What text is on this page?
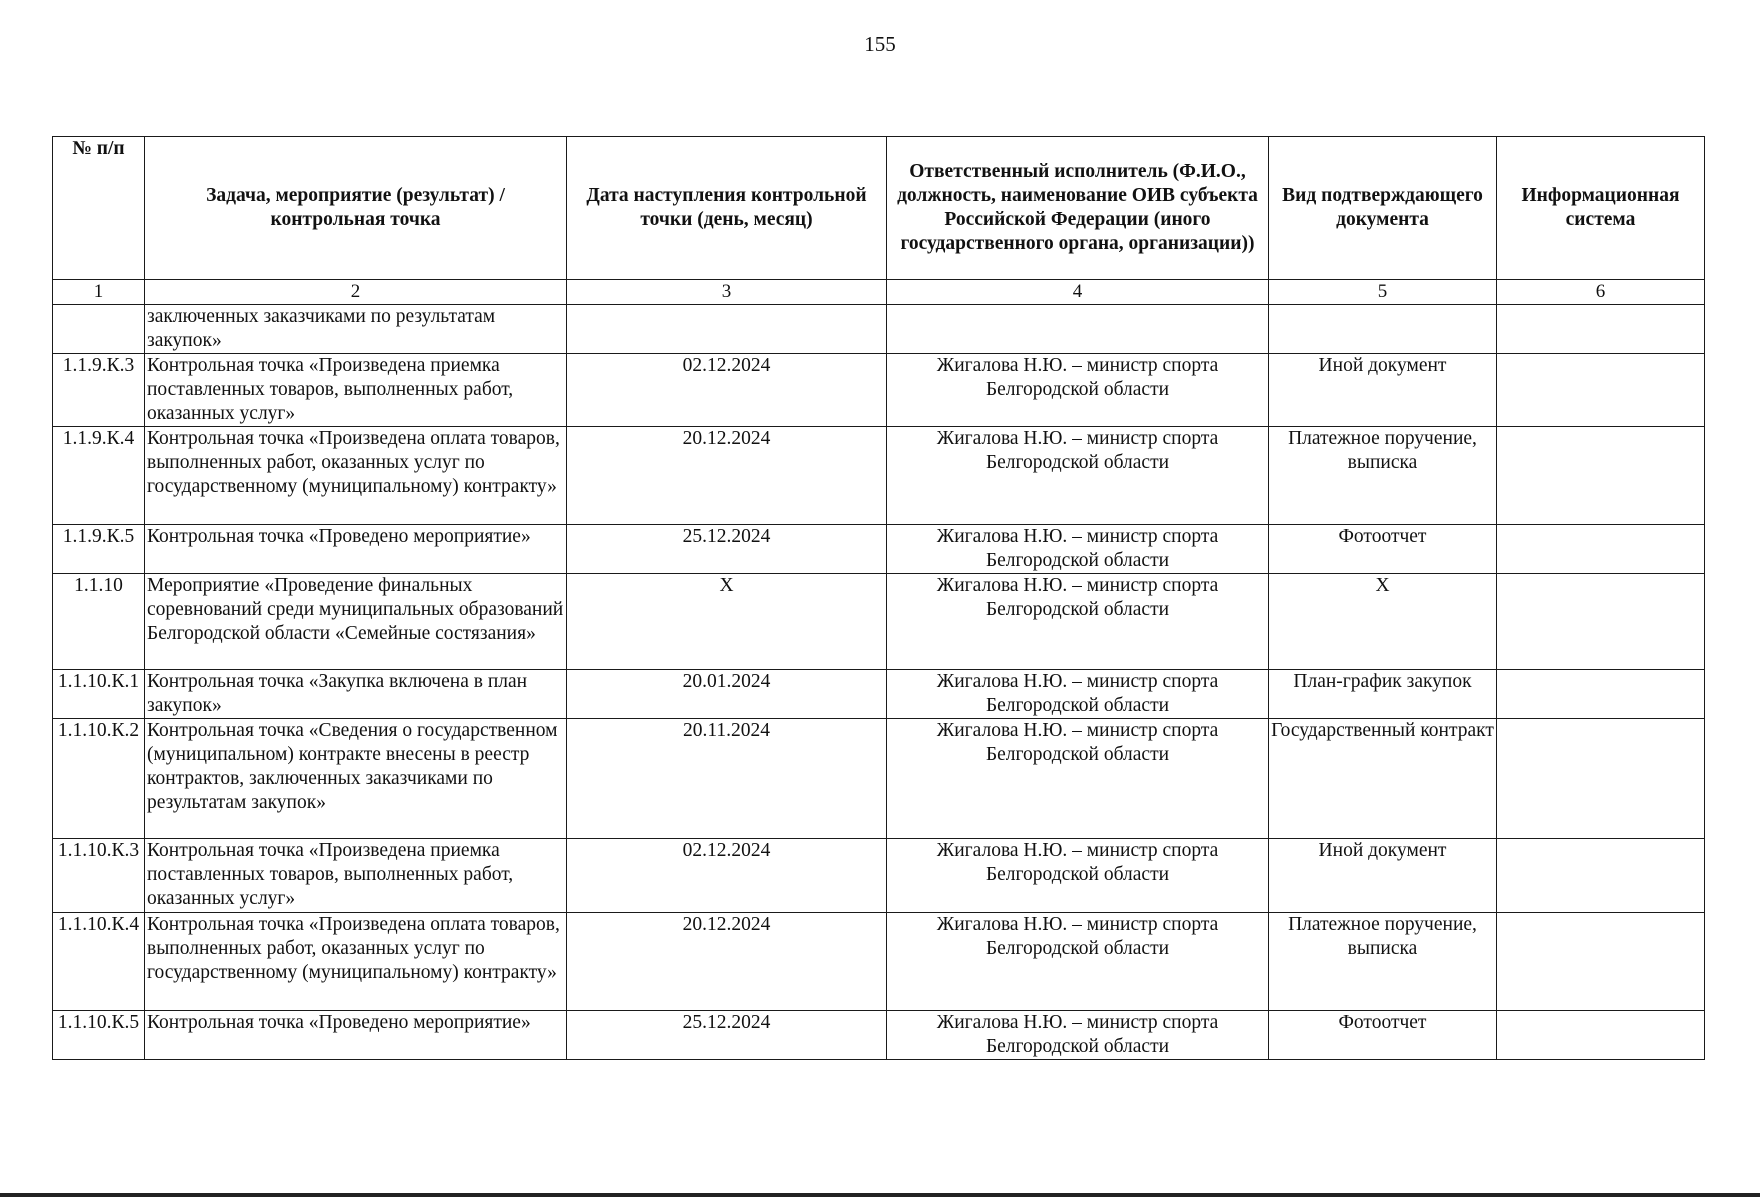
155
№ п/п	Задача, мероприятие (результат) / контрольная точка	Дата наступления контрольной точки (день, месяц)	Ответственный исполнитель (Ф.И.О., должность, наименование ОИВ субъекта Российской Федерации (иного государственного органа, организации))	Вид подтверждающего документа	Информационная система
1	2	3	4	5	6
	заключенных заказчиками по результатам закупок»				
1.1.9.К.3	Контрольная точка «Произведена приемка поставленных товаров, выполненных работ, оказанных услуг»	02.12.2024	Жигалова Н.Ю. – министр спорта Белгородской области	Иной документ	
1.1.9.К.4	Контрольная точка «Произведена оплата товаров, выполненных работ, оказанных услуг по государственному (муниципальному) контракту»	20.12.2024	Жигалова Н.Ю. – министр спорта Белгородской области	Платежное поручение, выписка	
1.1.9.К.5	Контрольная точка «Проведено мероприятие»	25.12.2024	Жигалова Н.Ю. – министр спорта Белгородской области	Фотоотчет	
1.1.10	Мероприятие «Проведение финальных соревнований среди муниципальных образований Белгородской области «Семейные состязания»	Х	Жигалова Н.Ю. – министр спорта Белгородской области	Х	
1.1.10.К.1	Контрольная точка «Закупка включена в план закупок»	20.01.2024	Жигалова Н.Ю. – министр спорта Белгородской области	План-график закупок	
1.1.10.К.2	Контрольная точка «Сведения о государственном (муниципальном) контракте внесены в реестр контрактов, заключенных заказчиками по результатам закупок»	20.11.2024	Жигалова Н.Ю. – министр спорта Белгородской области	Государственный контракт	
1.1.10.К.3	Контрольная точка «Произведена приемка поставленных товаров, выполненных работ, оказанных услуг»	02.12.2024	Жигалова Н.Ю. – министр спорта Белгородской области	Иной документ	
1.1.10.К.4	Контрольная точка «Произведена оплата товаров, выполненных работ, оказанных услуг по государственному (муниципальному) контракту»	20.12.2024	Жигалова Н.Ю. – министр спорта Белгородской области	Платежное поручение, выписка	
1.1.10.К.5	Контрольная точка «Проведено мероприятие»	25.12.2024	Жигалова Н.Ю. – министр спорта Белгородской области	Фотоотчет	
